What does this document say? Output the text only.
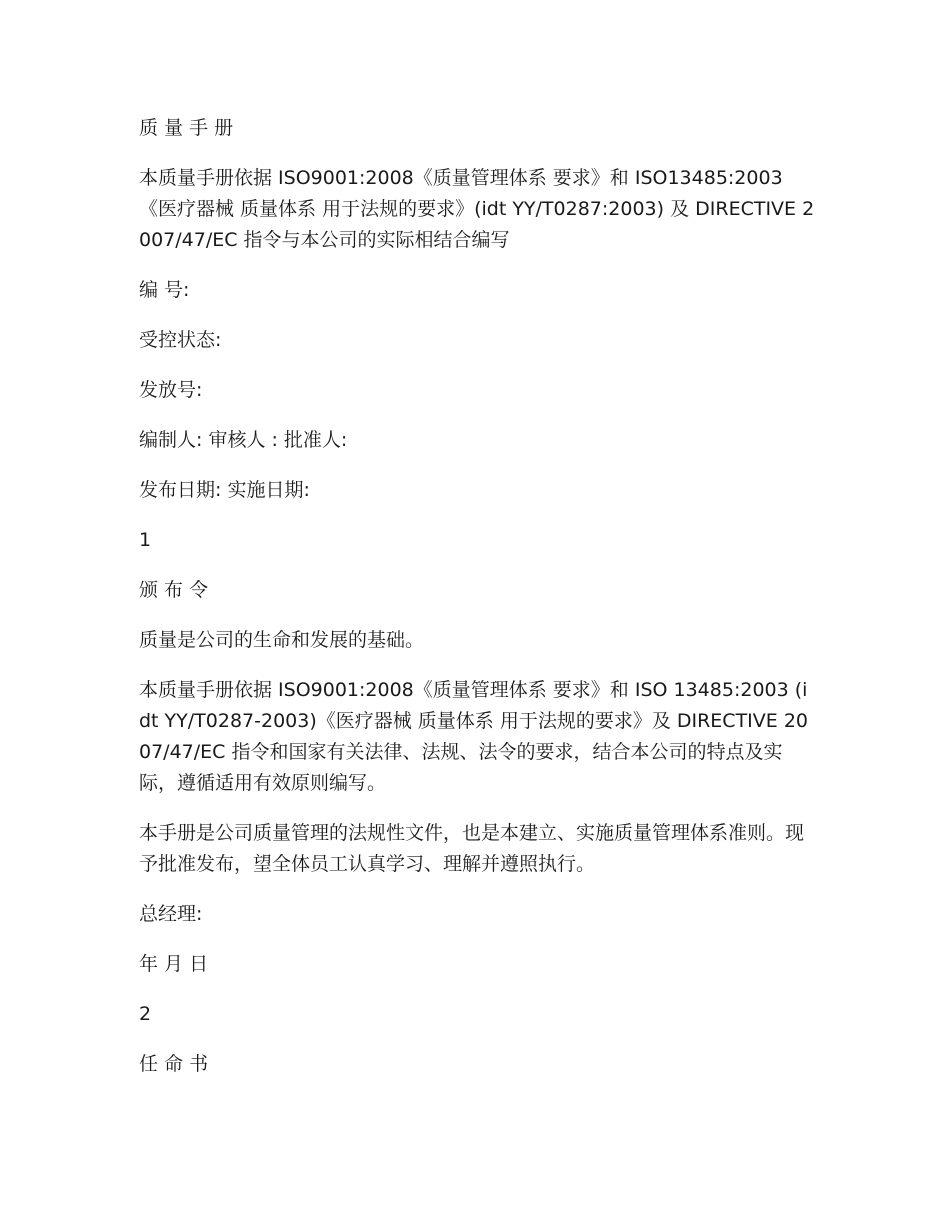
质 量 手 册

本质量手册依据 ISO9001:2008《质量管理体系 要求》和 ISO13485:2003 《医疗器械 质量体系 用于法规的要求》(idt YY/T0287:2003) 及 DIRECTIVE 2007/47/EC 指令与本公司的实际相结合编写

编 号:

受控状态:

发放号:

编制人: 审核人 : 批准人:

发布日期: 实施日期:

1

颁 布 令

质量是公司的生命和发展的基础。

本质量手册依据 ISO9001:2008《质量管理体系 要求》和 ISO 13485:2003 (idt YY/T0287-2003)《医疗器械 质量体系 用于法规的要求》及 DIRECTIVE 2007/47/EC 指令和国家有关法律、法规、法令的要求，结合本公司的特点及实际，遵循适用有效原则编写。

本手册是公司质量管理的法规性文件，也是本建立、实施质量管理体系准则。现予批准发布，望全体员工认真学习、理解并遵照执行。

总经理:

年 月 日

2

任 命 书
